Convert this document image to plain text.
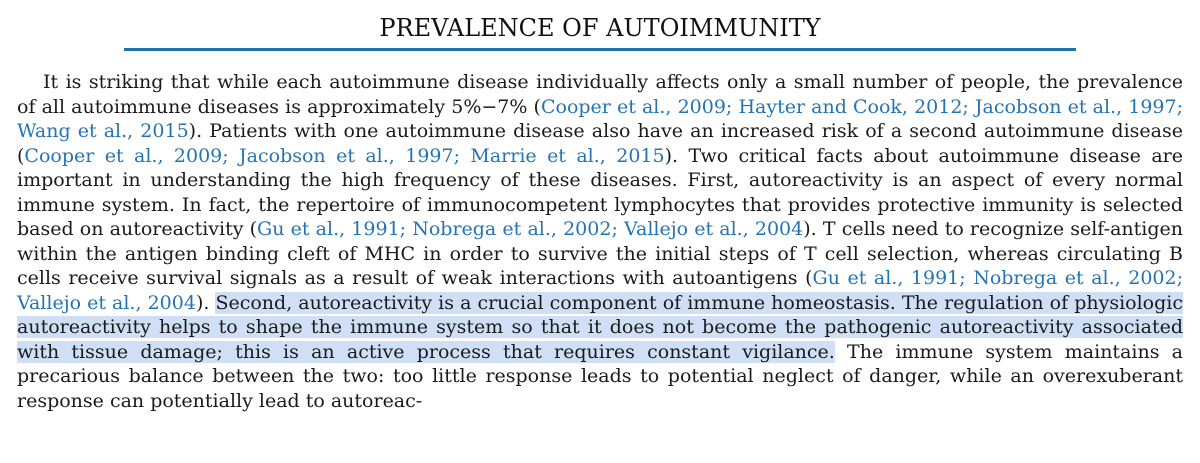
PREVALENCE OF AUTOIMMUNITY

It is striking that while each autoimmune disease individually affects only a small number of people, the prevalence of all autoimmune diseases is approximately 5%−7% (Cooper et al., 2009; Hayter and Cook, 2012; Jacobson et al., 1997; Wang et al., 2015). Patients with one autoimmune disease also have an increased risk of a second autoimmune disease (Cooper et al., 2009; Jacobson et al., 1997; Marrie et al., 2015). Two critical facts about autoimmune disease are important in understanding the high frequency of these diseases. First, autoreactivity is an aspect of every normal immune system. In fact, the repertoire of immunocompetent lymphocytes that provides protective immunity is selected based on autoreactivity (Gu et al., 1991; Nobrega et al., 2002; Vallejo et al., 2004). T cells need to recognize self-antigen within the antigen binding cleft of MHC in order to survive the initial steps of T cell selection, whereas circulating B cells receive survival signals as a result of weak interactions with autoantigens (Gu et al., 1991; Nobrega et al., 2002; Vallejo et al., 2004). Second, autoreactivity is a crucial component of immune homeostasis. The regulation of physiologic autoreactivity helps to shape the immune system so that it does not become the pathogenic autoreactivity associated with tissue damage; this is an active process that requires constant vigilance. The immune system maintains a precarious balance between the two: too little response leads to potential neglect of danger, while an overexuberant response can potentially lead to autoreac-
